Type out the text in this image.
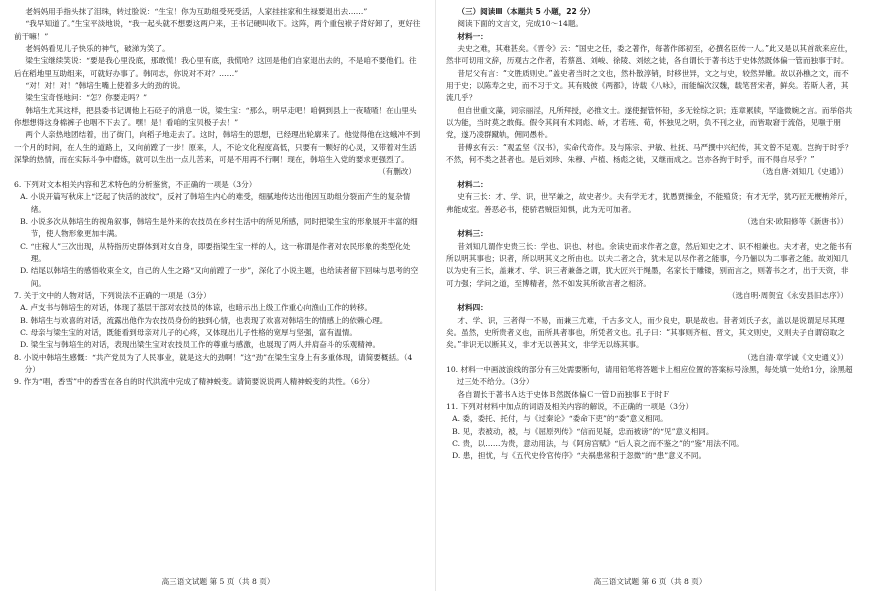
老妈妈用手指头抹了泪珠，转过脸说：“生宝！你为互助组受死受活，人家挂挂家和生禄要退出去……”

“我早知道了。”生宝平淡地说，“我一起头就不想要这两户来，王书记硬叫收下。这阵，两个重包袱子背好卸了，更好往前干嘛！”

老妈妈看见儿子快乐的神气，破涕为笑了。

梁生宝继续笑说：“要是我心里没底，那敢慌！我心里有底，我慌哈？这回是他们自家退出去的，不是咱不要他们。往后在稻地里互助组来，可就好办事了。韩同志，你说对不对？……”

“对！对！对！”韩培生嘴上使着多大的劲的说。

梁生宝奇怪地问：“怎？你要走吗？”

韩培生尤其这样，把县委书记调他上石砭子的消息一说，梁生宝：“那么，明早走吧！咱俩到县上一夜喳喳！在山里头你想想得这身棉裤子也咽不下去了。嘿！是！看咱的宝贝极子去！”

两个人亲热地团结着，出了街门，向稻子地走去了。这时，韩培生的思想，已经理出轮廓来了。他觉得他在这蛾冲不到一个月的时间，在人生的道路上，又向前蹚了一步！原来，人，不论文化程度高低，只要有一颗好的心灵，又带着对生活深挚的热情，而在实际斗争中磨炼，就可以生出一点儿苦来，可是不用再不行啊！现在，韩培生入党的要求更强烈了。

（有删改）

6. 下列对文本相关内容和艺术特色的分析鉴赏，不正确的一项是（3分）

A. 小说开篇写秋床上“泛起了快活的波纹”，反衬了韩培生内心的难受，细腻地传达出他因互助组分裂而产生的复杂情绪。

B. 小说多次从韩培生的视角叙事，韩培生是外来的农技员在乡村生活中的所见所感，同时把梁生宝的形象展开丰富的细节，使人物形象更加丰满。

C. “庄稼人”三次出现，从特指历史群体到对女自身，即要指梁生宝一样的人，这一称谓是作者对农民形象的类型化处理。

D. 结尾以韩培生的感悟收束全文，自己的人生之路“又向前蹚了一步”，深化了小说主题，也给读者留下回味与思考的空间。

7. 关于文中的人物对话，下列说法不正确的一项是（3分）

A. 卢支书与韩培生的对话，体现了基层干部对农技员的体谅，也暗示出上级工作重心向渔山工作的转移。

B. 韩培生与欢喜的对话，流露出他作为农技员身份的独到心情，也表现了欢喜对韩培生的情感上的依赖心理。

C. 母亲与梁生宝的对话，既能看到母亲对儿子的心疼，又体现出儿子性格的宽厚与坚强，富有温情。

D. 梁生宝与韩培生的对话，表现出梁生宝对农技员工作的尊重与感激，也展现了两人并肩奋斗的乐观精神。

8. 小说中韩培生感慨：“共产党员为了人民事业，就是这大的劲啊！”这“劲”在梁生宝身上有多重体现，请简要概括。（4分）

9. 作为“唱，香雪”中的香雪在各自的时代洪流中完成了精神蜕变。请简要说说两人精神蜕变的共性。（6分）

高三语文试题 第 5 页（共 8 页）

（三）阅读Ⅲ（本题共 5 小题，22 分）

阅读下面的文言文，完成10～14题。

材料一：

夫史之难，其难甚矣。《晋令》云：“国史之任，委之著作，每著作郎初至，必撰名臣传一人。”此又是以其首欲来应仕，然非可切用文辞，历观古之作者，若蔡邕、刘峻、徐陵、刘炫之徒，各自谓长于著书达于史体然既体偏一管而独事于时。

昔尼父有言：“文胜质则史。”盖史者当时之文也，然朴散淳销，时移世异，文之与史，较然异辙。故以孙樵之文，而不用于史；以陈寿之史，而不习于文。其有贱彼《两都》，诗载《八咏》，而能编次汉魏，载笔晋宋者，鲜矣。若斯人者，其流几乎？

但自世重文藻，词宗丽淫，凡所拜授，必推文士。遂使握管怀铅，多无铨综之识；连章累牍，罕逢微婉之言。而举俗共以为能，当时莫之敢侮。假令其间有术同彪、峤，才若班、荀，怀独见之明，负不刊之业，而皆取窘于流俗，见嗤于朋党，遂乃凌群蹴轨，佣同愚朴。

昔傅玄有云：“观孟坚《汉书》，实命代奇作。及与陈宗、尹敏、杜抚、马严撰中兴纪传，其文曾不足观。岂拘于时乎？不然，何不类之甚者也。是后刘珍、朱穆、卢植、杨彪之徒，又继而成之。岂亦各拘于时乎，而不得自尽乎？”

（选自唐·刘知几《史通》）

材料二：

史有三长：才、学、识，世罕兼之，故史者少。夫有学无才，犹愚贾操金，不能殖货；有才无学，犹巧匠无楩柟斧斤，弗能成室。善恶必书，使骄君贼臣知惧，此为无可加者。

（选自宋·欧阳修等《新唐书》）

材料三：

昔刘知几谓作史贵三长：学也、识也、材也。余读史而求作者之意，然后知史之才、识不相兼也。夫才者，史之能书有所以明其事也；识者，所以明其义之所由也。以夫二者之合，犹未足以尽作者之能事，今乃俪以为二事者之能。故刘知几以为史有三长，盖兼才、学、识三者兼备之谓，犹大匠兴于绳墨，名家长于雕镂，别而言之，则著书之才，出于天资，非可力强；学问之道，至博精者，然不如发其所欲言者之相济。

（选自明·周贺宜《永安县旧志序》）

材料四：

才、学、识，三者得一不易，而兼三尤难，千古多文人，而少良史，职是故也。昔者刘氏子玄，盖以是说谓足尽其理矣。虽然，史所贵者义也，而所具者事也，所凭者文也。孔子曰：“其事则齐桓、晋文，其文则史，义则夫子自谓窃取之矣。”非识无以断其义，非才无以善其文，非学无以练其事。

（选自清·章学诚《文史通义》）

10. 材料一中画波浪线的部分有三处需要断句，请用铅笔将答题卡上相应位置的答案标号涂黑，每处填一处给1分，涂黑超过三处不给分。（3分）

各自谓长于著书Ａ达于史体Ｂ然既体偏Ｃ一管Ｄ而独事Ｅ于时Ｆ

11. 下列对材料中加点的词语及相关内容的解说，不正确的一项是（3分）

A. 委，委托、托付，与《过秦论》“委命下吏”的“委”意义相同。

B. 见，表被动，被，与《屈原列传》“信而见疑，忠而被谤”的“见”意义相同。

C. 贵，以……为贵，意动用法，与《阿房宫赋》“后人哀之而不鉴之”的“鉴”用法不同。

D. 患，担忧，与《五代史伶官传序》“夫祸患常积于忽微”的“患”意义不同。

高三语文试题 第 6 页（共 8 页）
